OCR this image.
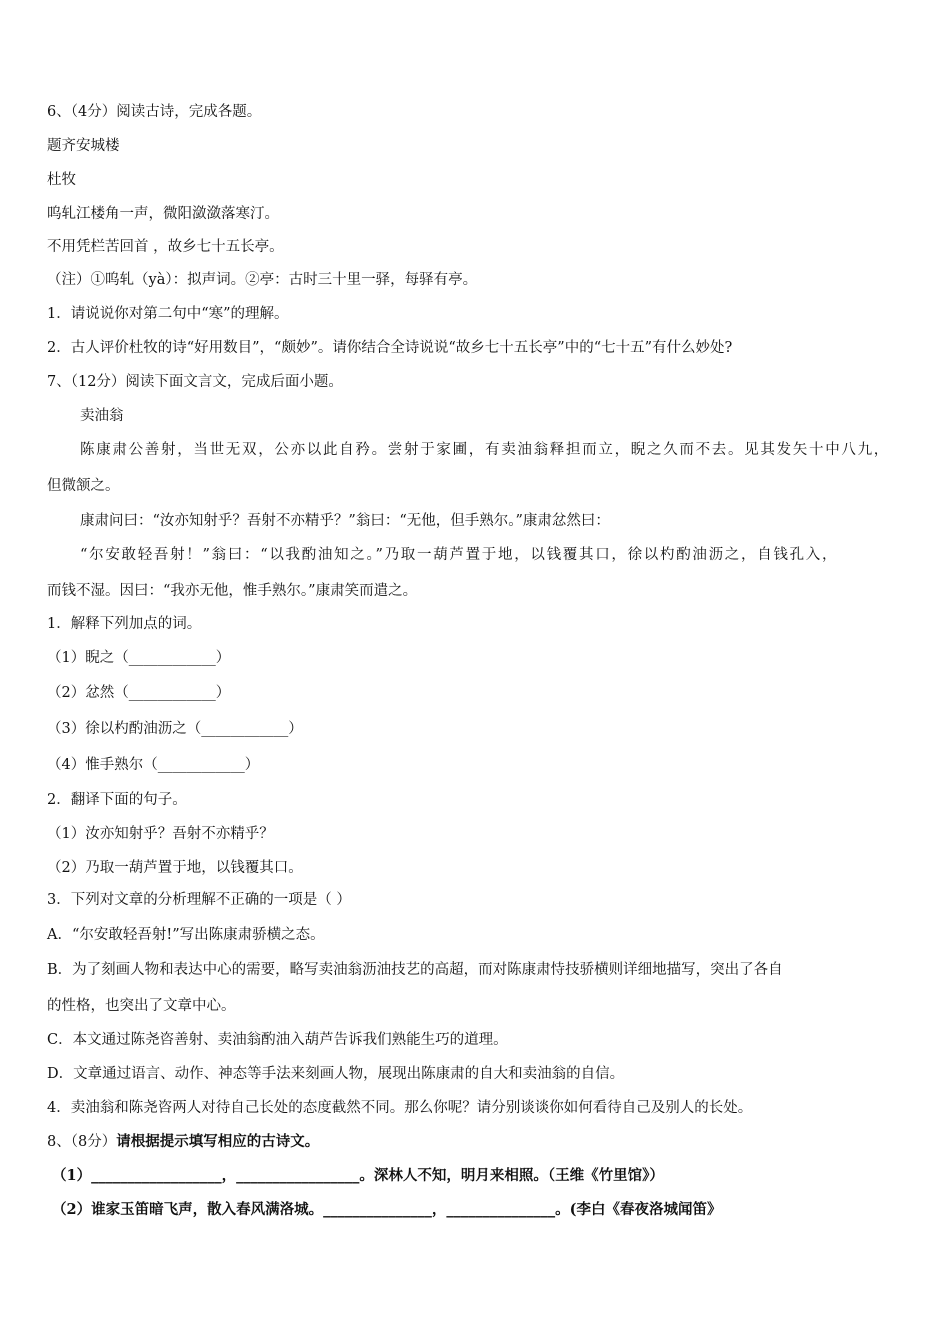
6、（4分）阅读古诗，完成各题。
题齐安城楼
杜牧
呜轧江楼角一声，微阳潋潋落寒汀。
不用凭栏苦回首 ，故乡七十五长亭。
（注）①呜轧（yà）：拟声词。②亭：古时三十里一驿，每驿有亭。
1．请说说你对第二句中“寒”的理解。
2．古人评价杜牧的诗“好用数目”，“颇妙”。请你结合全诗说说“故乡七十五长亭”中的“七十五”有什么妙处?
7、（12分）阅读下面文言文，完成后面小题。
卖油翁
陈康肃公善射，当世无双，公亦以此自矜。尝射于家圃，有卖油翁释担而立，睨之久而不去。见其发矢十中八九，
但微颔之。
康肃问曰：“汝亦知射乎？吾射不亦精乎？”翁曰：“无他，但手熟尔。”康肃忿然曰：
“尔安敢轻吾射！”翁曰：“以我酌油知之。”乃取一葫芦置于地，以钱覆其口，徐以杓酌油沥之，自钱孔入，
而钱不湿。因曰：“我亦无他，惟手熟尔。”康肃笑而遣之。
1．解释下列加点的词。
（1）睨之（____________）
（2）忿然（____________）
（3）徐以杓酌油沥之（____________）
（4）惟手熟尔（____________）
2．翻译下面的句子。
（1）汝亦知射乎？吾射不亦精乎？
（2）乃取一葫芦置于地，以钱覆其口。
3．下列对文章的分析理解不正确的一项是（ ）
A．“尔安敢轻吾射!”写出陈康肃骄横之态。
B．为了刻画人物和表达中心的需要，略写卖油翁沥油技艺的高超，而对陈康肃恃技骄横则详细地描写，突出了各自
的性格，也突出了文章中心。
C．本文通过陈尧咨善射、卖油翁酌油入葫芦告诉我们熟能生巧的道理。
D．文章通过语言、动作、神态等手法来刻画人物，展现出陈康肃的自大和卖油翁的自信。
4．卖油翁和陈尧咨两人对待自己长处的态度截然不同。那么你呢？请分别谈谈你如何看待自己及别人的长处。
8、（8分）请根据提示填写相应的古诗文。
（1）__________________，_________________。深林人不知，明月来相照。（王维《竹里馆》）
（2）谁家玉笛暗飞声，散入春风满洛城。_______________，_______________。(李白《春夜洛城闻笛》
